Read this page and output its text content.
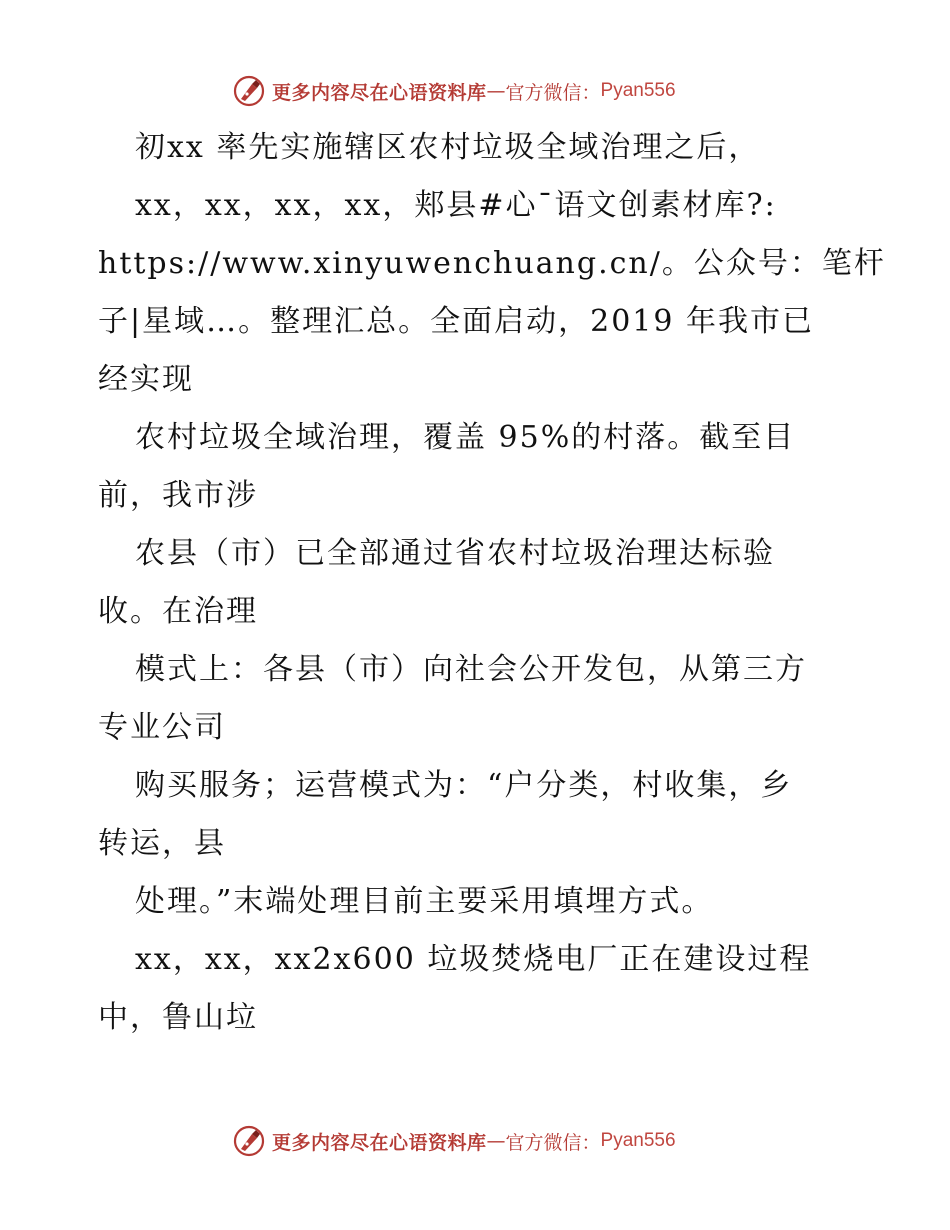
更多内容尽在心语资料库 — 官方微信： Pyan556
初xx 率先实施辖区农村垃圾全域治理之后，
xx，xx，xx，xx，郏县#心¯语文创素材库?:
https://www.xinyuwenchuang.cn/。公众号：笔杆
子|星域…。整理汇总。全面启动，2019 年我市已
经实现
农村垃圾全域治理，覆盖 95%的村落。截至目
前，我市涉
农县（市）已全部通过省农村垃圾治理达标验
收。在治理
模式上：各县（市）向社会公开发包，从第三方
专业公司
购买服务；运营模式为：“户分类，村收集，乡
转运，县
处理。”末端处理目前主要采用填埋方式。
xx，xx，xx2x600 垃圾焚烧电厂正在建设过程
中，鲁山垃
更多内容尽在心语资料库 — 官方微信： Pyan556
